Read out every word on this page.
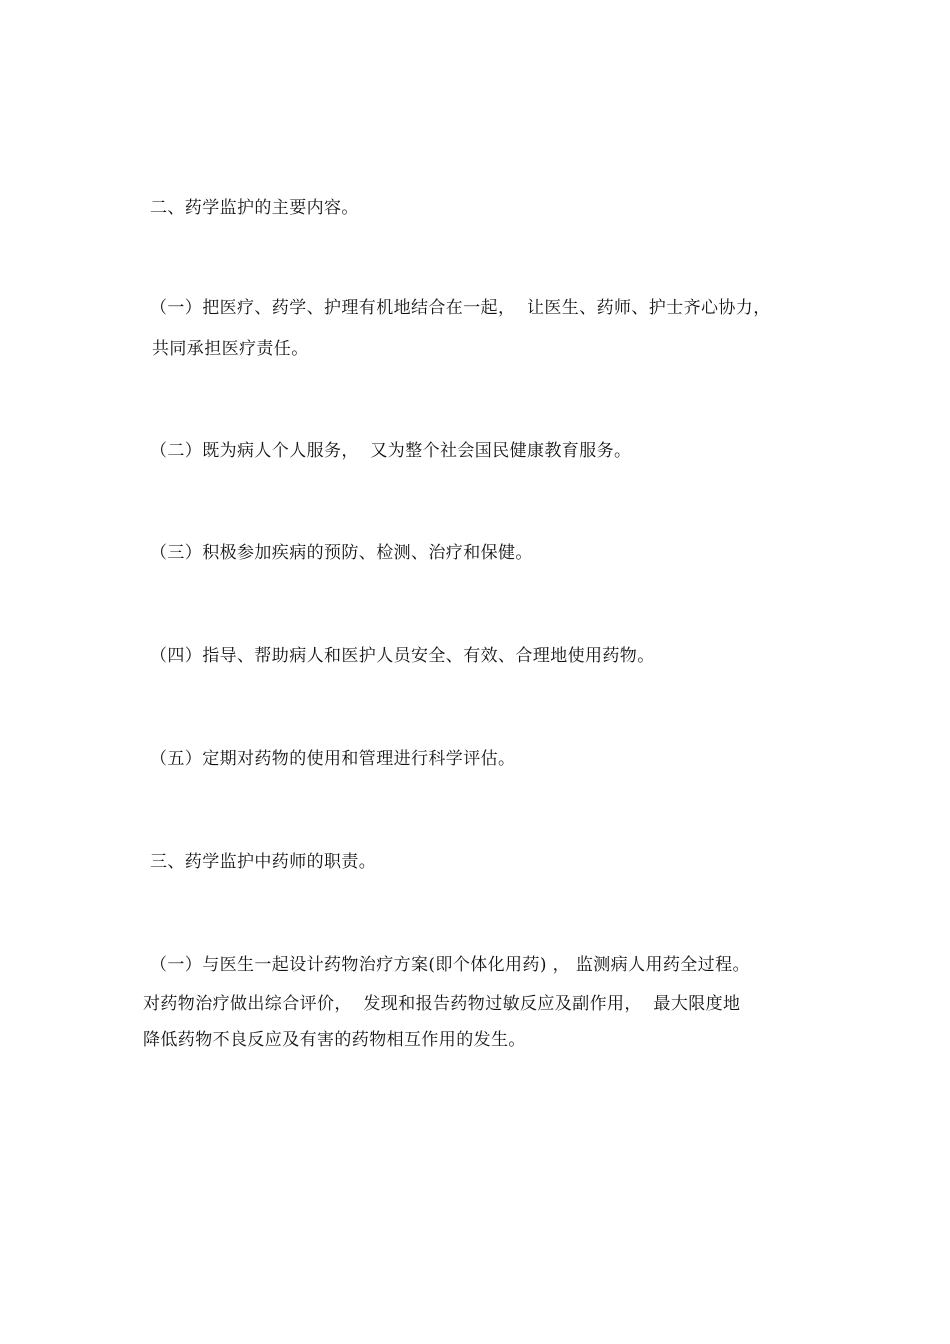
二、药学监护的主要内容。
（一）把医疗、药学、护理有机地结合在一起，  让医生、药师、护士齐心协力，
共同承担医疗责任。
（二）既为病人个人服务，  又为整个社会国民健康教育服务。
（三）积极参加疾病的预防、检测、治疗和保健。
（四）指导、帮助病人和医护人员安全、有效、合理地使用药物。
（五）定期对药物的使用和管理进行科学评估。
三、药学监护中药师的职责。
（一）与医生一起设计药物治疗方案(即个体化用药) ， 监测病人用药全过程。
对药物治疗做出综合评价，  发现和报告药物过敏反应及副作用，  最大限度地
降低药物不良反应及有害的药物相互作用的发生。
